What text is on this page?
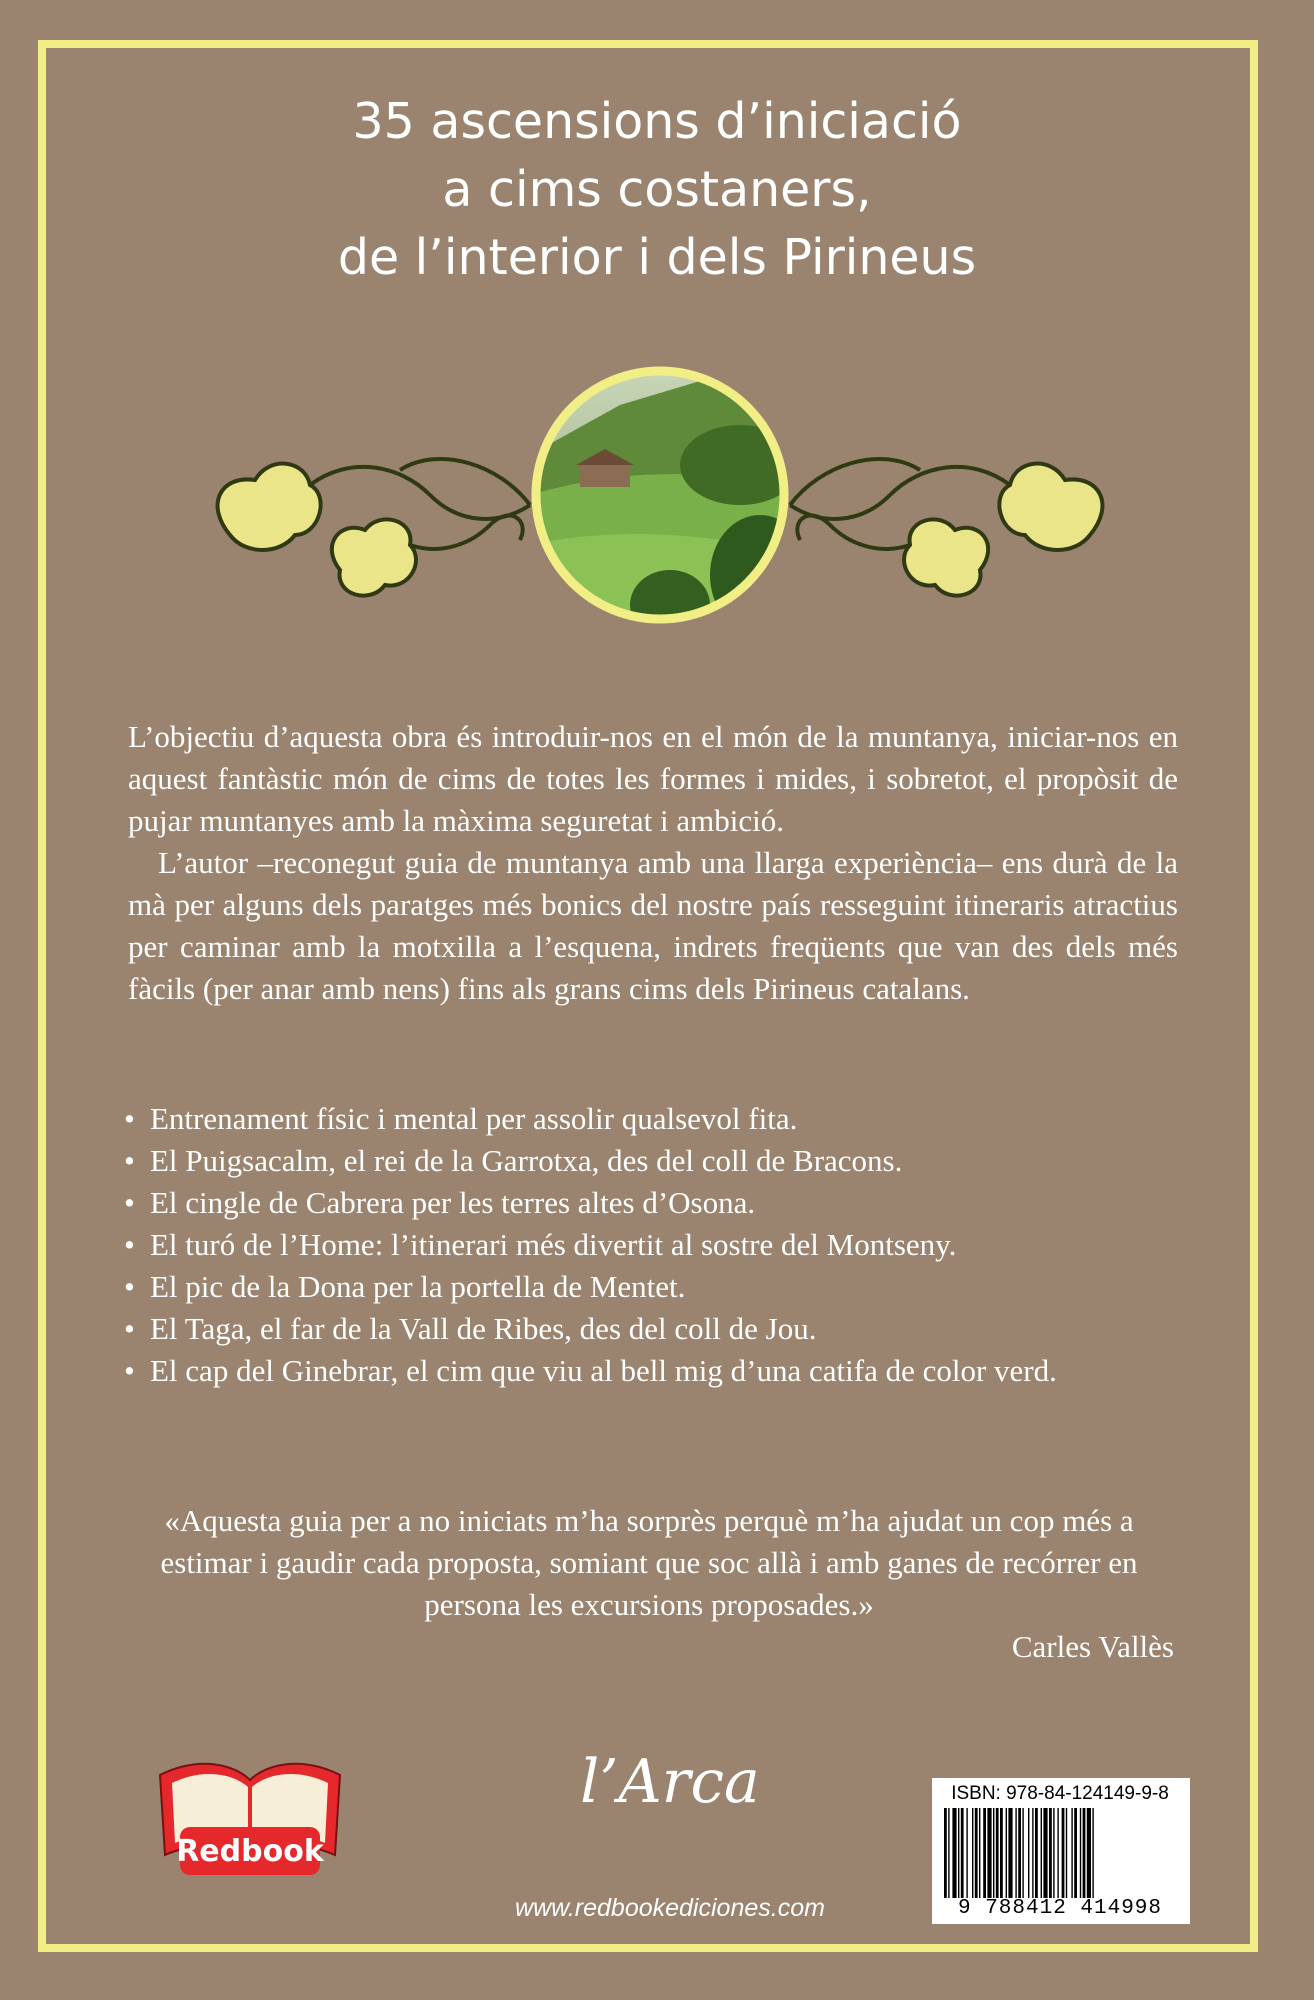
35 ascensions d’iniciació
a cims costaners,
de l’interior i dels Pirineus

L’objectiu d’aquesta obra és introduir-nos en el món de la muntanya, iniciar-nos en aquest fantàstic món de cims de totes les formes i mides, i sobretot, el propòsit de pujar muntanyes amb la màxima seguretat i ambició.

L’autor –reconegut guia de muntanya amb una llarga experiència– ens durà de la mà per alguns dels paratges més bonics del nostre país resseguint itineraris atractius per caminar amb la motxilla a l’esquena, indrets freqüents que van des dels més fàcils (per anar amb nens) fins als grans cims dels Pirineus catalans.

• Entrenament físic i mental per assolir qualsevol fita.
• El Puigsacalm, el rei de la Garrotxa, des del coll de Bracons.
• El cingle de Cabrera per les terres altes d’Osona.
• El turó de l’Home: l’itinerari més divertit al sostre del Montseny.
• El pic de la Dona per la portella de Mentet.
• El Taga, el far de la Vall de Ribes, des del coll de Jou.
• El cap del Ginebrar, el cim que viu al bell mig d’una catifa de color verd.

«Aquesta guia per a no iniciats m’ha sorprès perquè m’ha ajudat un cop més a estimar i gaudir cada proposta, somiant que soc allà i amb ganes de recórrer en persona les excursions proposades.»

Carles Vallès

Redbook
l’Arca
www.redbookediciones.com
ISBN: 978-84-124149-9-8
9 788412 414998
